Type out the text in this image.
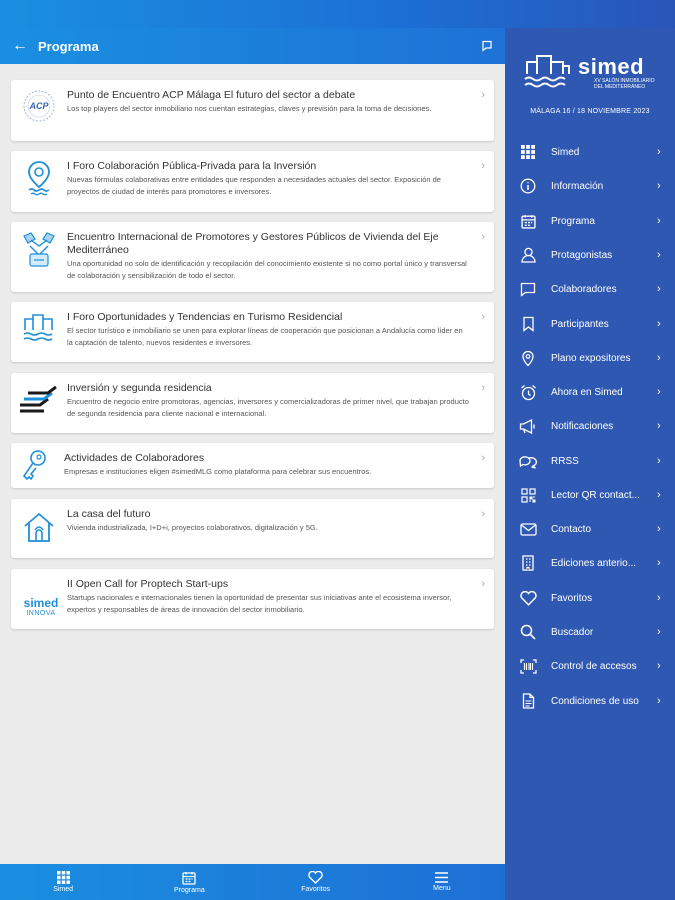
← Programa
ACP
Punto de Encuentro ACP Málaga El futuro del sector a debate
Los top players del sector inmobiliario nos cuentan estrategias, claves y previsión para la toma de decisiones.
›
I Foro Colaboración Pública-Privada para la Inversión
Nuevas fórmulas colaborativas entre entidades que responden a necesidades actuales del sector. Exposición de proyectos de ciudad de interés para promotores e inversores.
›
Encuentro Internacional de Promotores y Gestores Públicos de Vivienda del Eje Mediterráneo
Una oportunidad no solo de identificación y recopilación del conocimiento existente si no como portal único y transversal de colaboración y sensibilización de todo el sector.
›
I Foro Oportunidades y Tendencias en Turismo Residencial
El sector turístico e inmobiliario se unen para explorar líneas de cooperación que posicionan a Andalucía como líder en la captación de talento, nuevos residentes e inversores.
›
Inversión y segunda residencia
Encuentro de negocio entre promotoras, agencias, inversores y comercializadoras de primer nivel, que trabajan producto de segunda residencia para cliente nacional e internacional.
›
Actividades de Colaboradores
Empresas e instituciones eligen #simedMLG como plataforma para celebrar sus encuentros.
›
La casa del futuro
Vivienda industrializada, I+D+i, proyectos colaborativos, digitalización y 5G.
›
simed
INNOVA
II Open Call for Proptech Start-ups
Startups nacionales e internacionales tienen la oportunidad de presentar sus iniciativas ante el ecosistema inversor, expertos y responsables de áreas de innovación del sector inmobiliario.
›
Simed	Programa	Favoritos	Menu
simed
XV SALÓN INMOBILIARIO DEL MEDITERRÁNEO
MÁLAGA 16 / 18 NOVIEMBRE 2023
Simed	›
Información	›
Programa	›
Protagonistas	›
Colaboradores	›
Participantes	›
Plano expositores	›
Ahora en Simed	›
Notificaciones	›
RRSS	›
Lector QR contact...	›
Contacto	›
Ediciones anterio...	›
Favoritos	›
Buscador	›
Control de accesos	›
Condiciones de uso	›
